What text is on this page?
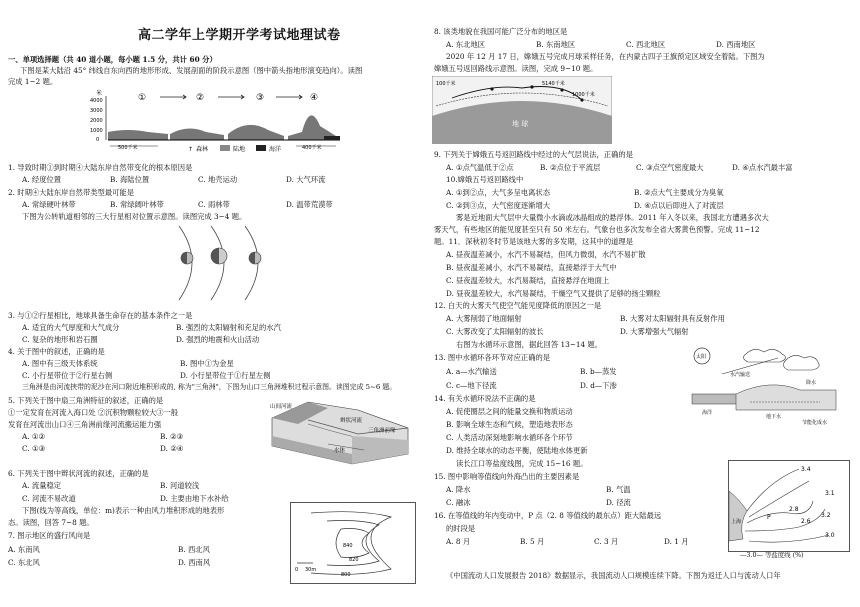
高二学年上学期开学考试地理试卷
一、单项选择题（共 40 道小题，每小题 1.5 分，共计 60 分）
下图是某大陆沿 45° 纬线自东向西的地形形成、发展剖面的阶段示意图（图中箭头指地形演变趋向）。读图
完成 1~2 题。
米
4000
3000
2000
1000
0
①	②	③	④
500千米	400千米
↑ 森林	陆地	海洋
1. 导致时期①到时期④大陆东岸自然带变化的根本原因是
A. 经度位置	B. 海陆位置	C. 地壳运动	D. 大气环流
2. 时期④大陆东岸自然带类型最可能是
A. 常绿硬叶林带	B. 常绿阔叶林带	C. 雨林带	D. 温带荒漠带
下图为公转轨道相邻的三大行星相对位置示意图。读图完成 3~4 题。
3. 与①②行星相比，地球具备生命存在的基本条件之一是
A. 适宜的大气厚度和大气成分	B. 强烈的太阳辐射和充足的水汽
C. 复杂的地形和岩石圈	D. 强烈的地震和火山活动
4. 关于图中的叙述，正确的是
A. 图中有三级天体系统	B. 图中①为金星
C. 小行星带位于②行星右侧	D. 小行星带位于①行星左侧
三角洲是由河流挟带的泥沙在河口附近堆积形成的, 称为"三角洲"，下图为山口三角洲堆积过程示意图。读图完成 5~6 题。
5. 下列关于图中扇三角洲特征的叙述，正确的是
①一定发育在河流入海口处 ②沉积物颗粒较大③一般
发育在河流出山口④三角洲前缘河流搬运能力强
A. ①②	B. ②③
C. ①③	D. ②④
山间河流
辫状河流
三角洲前缘
水体
6. 下列关于图中辫状河流的叙述，正确的是
A. 流量稳定	B. 河道较浅
C. 河流不易改道	D. 主要由地下水补给
下图(线为等高线，单位：m)表示一种由风力堆积形成的地表形
态。读图，回答 7~8 题。
7. 图示地区的盛行风向是
A. 东南风	B. 西北风
C. 东北风	D. 西南风
840
820
800
0 30m
8. 该类地貌在我国可能广泛分布的地区是
A. 东北地区	B. 东南地区	C. 西北地区	D. 西南地区
2020 年 12 月 17 日，嫦娥五号完成月球采样任务，在内蒙古四子王旗预定区域安全着陆。下图为
嫦娥五号返回路线示意图。读图，完成 9~10 题。
100千米	5140千米
1000千米
地 球
9. 下列关于嫦娥五号返回路线中经过的大气层说法，正确的是
A. ①点气温低于②点	B. ②点位于平流层	C. ③点空气密度最大	D. ④点水汽最丰富
10.嫦娥五号返回路线中
A. ①到②点，大气多呈电离状态	B. ②点大气主要成分为臭氧
C. ②到③点，大气密度逐渐增大	D. ④点以后即进入了对流层
雾是近地面大气层中大量微小水滴或冰晶组成的悬浮体。2011 年入冬以来，我国北方遭遇多次大
雾天气，有些地区的能见度甚至只有 50 米左右。气象台也多次发布全省大雾黄色预警。完成 11~12
题。11．深秋初冬时节是该地大雾的多发期，这其中的道理是
A. 昼夜温差减小，水汽不易凝结，但风力微弱，水汽不易扩散
B. 昼夜温差减小，水汽不易凝结，直接悬浮于大气中
C. 昼夜温差较大，水汽易凝结，直接悬浮在地面上
D. 昼夜温差较大，水汽易凝结，干燥空气又提供了足够的扬尘颗粒
12. 白天的大雾天气使空气能见度降低的原因之一是
A. 大雾削弱了地面辐射	B. 大雾对太阳辐射具有反射作用
C. 大雾改变了太阳辐射的波长	D. 大雾增强大气辐射
右图为水循环示意图，据此回答 13~14 题。
13. 图中水循环各环节对应正确的是
A. a—水汽输送	B. b—蒸发
C. c—地下径流	D. d—下渗
太阳
水汽输送
降水
海洋
地下水
节能化成水
14. 有关水循环说法不正确的是
A. 促使圈层之间的能量交换和物质运动
B. 影响全球生态和气候，塑造地表形态
C. 人类活动深刻地影响水循环各个环节
D. 维持全球水的动态平衡，使陆地水体更新
读长江口等盐度线图，完成 15~16 题。
15. 图中影响等值线向外海凸出的主要因素是
A. 降水	B. 气温
C. 融冰	D. 径流
16. 在等值线的年内变动中，P 点（2. 8 等值线的最东点）距大陆最远
的时段是
A. 8 月	B. 5 月	C. 3 月	D. 1 月
3.4
3.1
3.2
2.8
2.6
3.0
上海
P
—3.0— 等盐度线 (%)
《中国流动人口发展报告 2018》数据显示，我国流动人口规模连续下降。下图为返迁人口与流动人口年
